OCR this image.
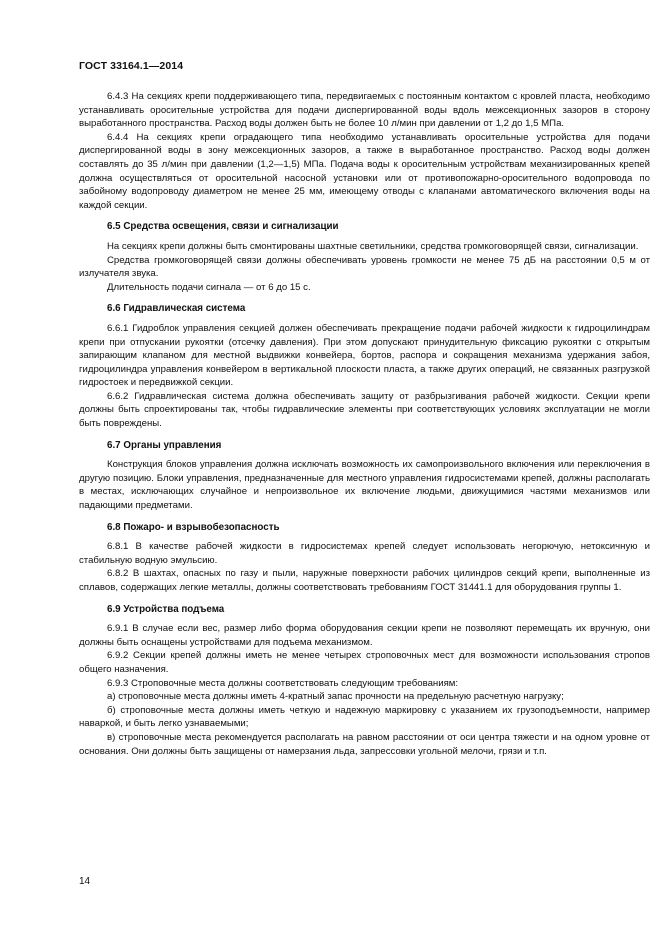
ГОСТ 33164.1—2014

6.4.3 На секциях крепи поддерживающего типа, передвигаемых с постоянным контактом с кровлей пласта, необходимо устанавливать оросительные устройства для подачи диспергированной воды вдоль межсекционных зазоров в сторону выработанного пространства. Расход воды должен быть не более 10 л/мин при давлении от 1,2 до 1,5 МПа.

6.4.4 На секциях крепи оградающего типа необходимо устанавливать оросительные устройства для подачи диспергированной воды в зону межсекционных зазоров, а также в выработанное пространство. Расход воды должен составлять до 35 л/мин при давлении (1,2—1,5) МПа. Подача воды к оросительным устройствам механизированных крепей должна осуществляться от оросительной насосной установки или от противопожарно-оросительного водопровода по забойному водопроводу диаметром не менее 25 мм, имеющему отводы с клапанами автоматического включения воды на каждой секции.

6.5 Средства освещения, связи и сигнализации

На секциях крепи должны быть смонтированы шахтные светильники, средства громкоговорящей связи, сигнализации.

Средства громкоговорящей связи должны обеспечивать уровень громкости не менее 75 дБ на расстоянии 0,5 м от излучателя звука.

Длительность подачи сигнала — от 6 до 15 с.

6.6 Гидравлическая система

6.6.1 Гидроблок управления секцией должен обеспечивать прекращение подачи рабочей жидкости к гидроцилиндрам крепи при отпускании рукоятки (отсечку давления). При этом допускают принудительную фиксацию рукоятки с открытым запирающим клапаном для местной выдвижки конвейера, бортов, распора и сокращения механизма удержания забоя, гидроцилиндра управления конвейером в вертикальной плоскости пласта, а также других операций, не связанных разгрузкой гидростоек и передвижкой секции.

6.6.2 Гидравлическая система должна обеспечивать защиту от разбрызгивания рабочей жидкости. Секции крепи должны быть спроектированы так, чтобы гидравлические элементы при соответствующих условиях эксплуатации не могли быть повреждены.

6.7 Органы управления

Конструкция блоков управления должна исключать возможность их самопроизвольного включения или переключения в другую позицию. Блоки управления, предназначенные для местного управления гидросистемами крепей, должны располагать в местах, исключающих случайное и непроизвольное их включение людьми, движущимися частями механизмов или падающими предметами.

6.8 Пожаро- и взрывобезопасность

6.8.1 В качестве рабочей жидкости в гидросистемах крепей следует использовать негорючую, нетоксичную и стабильную водную эмульсию.

6.8.2 В шахтах, опасных по газу и пыли, наружные поверхности рабочих цилиндров секций крепи, выполненные из сплавов, содержащих легкие металлы, должны соответствовать требованиям ГОСТ 31441.1 для оборудования группы 1.

6.9 Устройства подъема

6.9.1 В случае если вес, размер либо форма оборудования секции крепи не позволяют перемещать их вручную, они должны быть оснащены устройствами для подъема механизмом.

6.9.2 Секции крепей должны иметь не менее четырех строповочных мест для возможности использования стропов общего назначения.

6.9.3 Строповочные места должны соответствовать следующим требованиям:

а) строповочные места должны иметь 4-кратный запас прочности на предельную расчетную нагрузку;

б) строповочные места должны иметь четкую и надежную маркировку с указанием их грузоподъемности, например наваркой, и быть легко узнаваемыми;

в) строповочные места рекомендуется располагать на равном расстоянии от оси центра тяжести и на одном уровне от основания. Они должны быть защищены от намерзания льда, запрессовки угольной мелочи, грязи и т.п.

14
